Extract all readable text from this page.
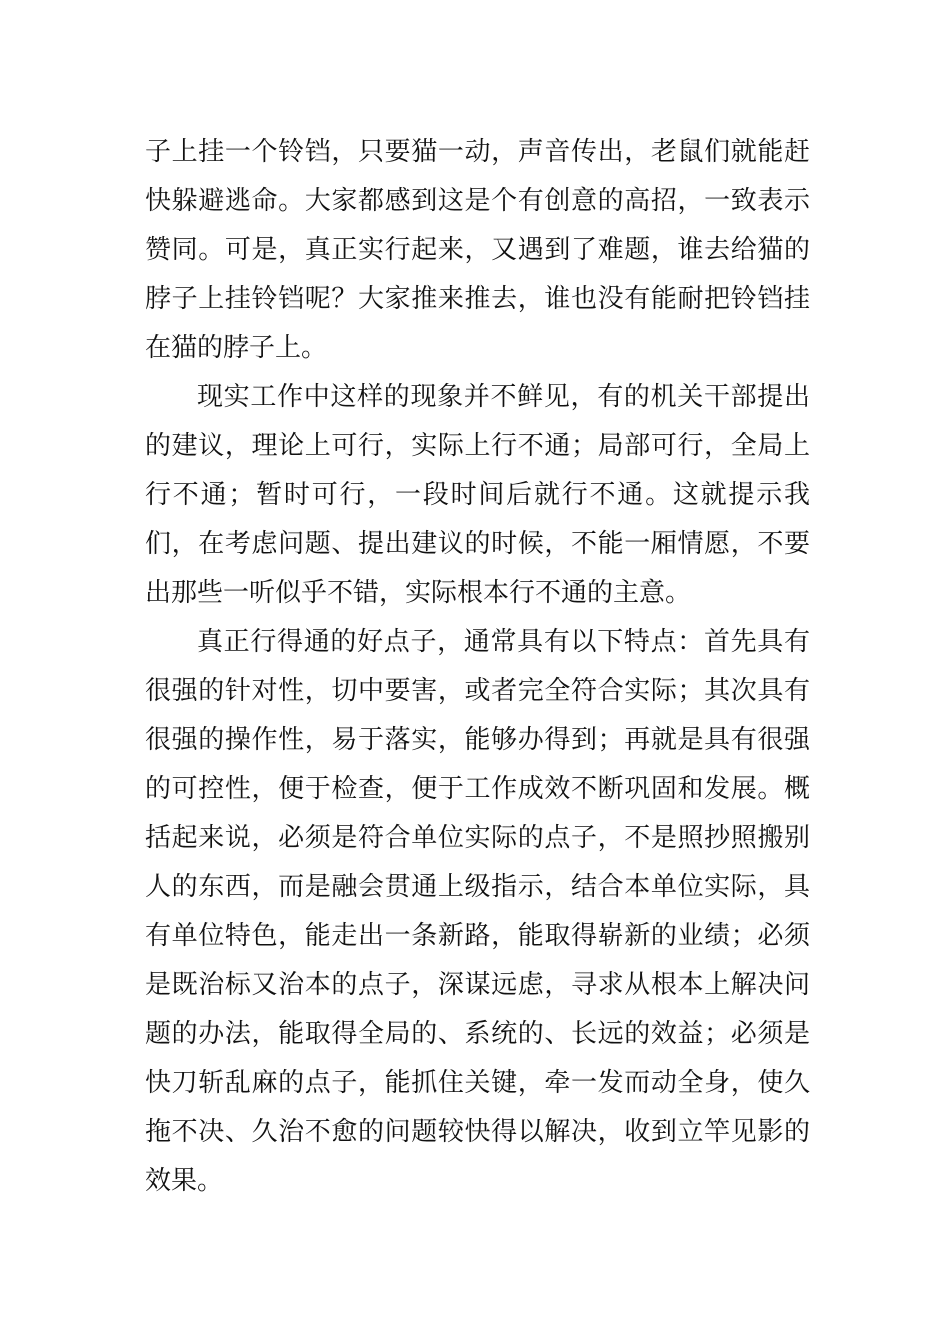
子上挂一个铃铛，只要猫一动，声音传出，老鼠们就能赶快躲避逃命。大家都感到这是个有创意的高招，一致表示赞同。可是，真正实行起来，又遇到了难题，谁去给猫的脖子上挂铃铛呢？大家推来推去，谁也没有能耐把铃铛挂在猫的脖子上。

现实工作中这样的现象并不鲜见，有的机关干部提出的建议，理论上可行，实际上行不通；局部可行，全局上行不通；暂时可行，一段时间后就行不通。这就提示我们，在考虑问题、提出建议的时候，不能一厢情愿，不要出那些一听似乎不错，实际根本行不通的主意。

真正行得通的好点子，通常具有以下特点：首先具有很强的针对性，切中要害，或者完全符合实际；其次具有很强的操作性，易于落实，能够办得到；再就是具有很强的可控性，便于检查，便于工作成效不断巩固和发展。概括起来说，必须是符合单位实际的点子，不是照抄照搬别人的东西，而是融会贯通上级指示，结合本单位实际，具有单位特色，能走出一条新路，能取得崭新的业绩；必须是既治标又治本的点子，深谋远虑，寻求从根本上解决问题的办法，能取得全局的、系统的、长远的效益；必须是快刀斩乱麻的点子，能抓住关键，牵一发而动全身，使久拖不决、久治不愈的问题较快得以解决，收到立竿见影的效果。
